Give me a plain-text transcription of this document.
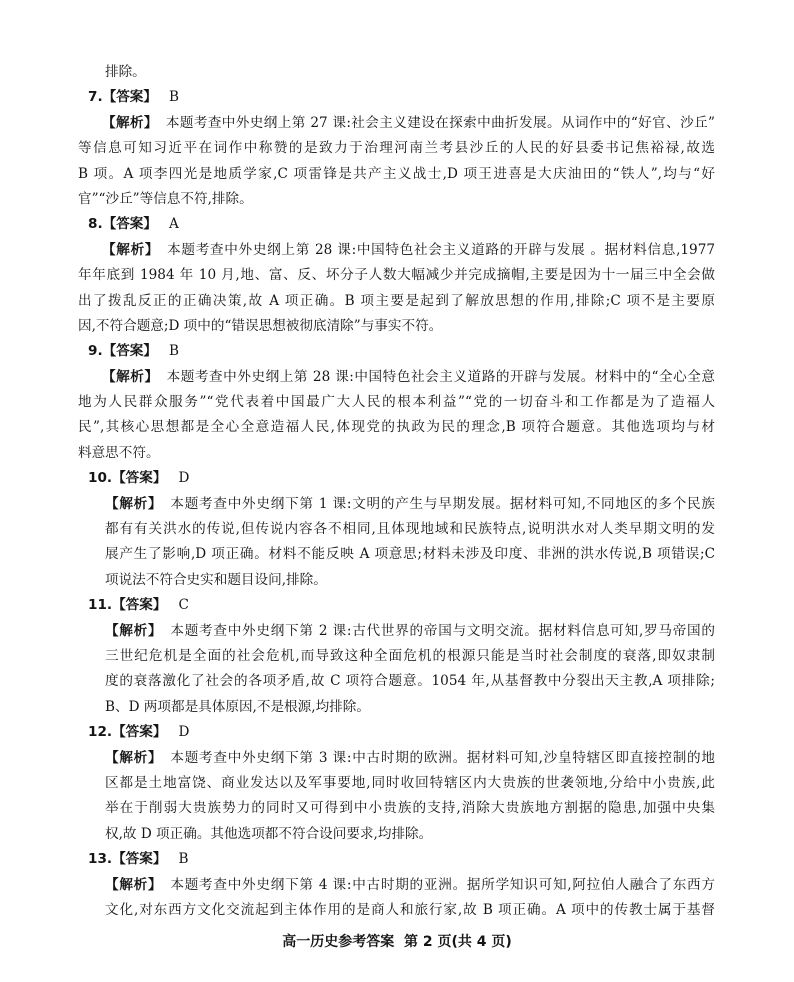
排除。
7.【答案】 B
【解析】 本题考查中外史纲上第 27 课:社会主义建设在探索中曲折发展。从词作中的“好官、沙丘”
等信息可知习近平在词作中称赞的是致力于治理河南兰考县沙丘的人民的好县委书记焦裕禄,故选
B 项。A 项李四光是地质学家,C 项雷锋是共产主义战士,D 项王进喜是大庆油田的“铁人”,均与“好
官”“沙丘”等信息不符,排除。
8.【答案】 A
【解析】 本题考查中外史纲上第 28 课:中国特色社会主义道路的开辟与发展 。据材料信息,1977
年年底到 1984 年 10 月,地、富、反、坏分子人数大幅减少并完成摘帽,主要是因为十一届三中全会做
出了拨乱反正的正确决策,故 A 项正确。B 项主要是起到了解放思想的作用,排除;C 项不是主要原
因,不符合题意;D 项中的“错误思想被彻底清除”与事实不符。
9.【答案】 B
【解析】 本题考查中外史纲上第 28 课:中国特色社会主义道路的开辟与发展。材料中的“全心全意
地为人民群众服务”“党代表着中国最广大人民的根本利益”“党的一切奋斗和工作都是为了造福人
民”,其核心思想都是全心全意造福人民,体现党的执政为民的理念,B 项符合题意。其他选项均与材
料意思不符。
10.【答案】 D
【解析】 本题考查中外史纲下第 1 课:文明的产生与早期发展。据材料可知,不同地区的多个民族
都有有关洪水的传说,但传说内容各不相同,且体现地域和民族特点,说明洪水对人类早期文明的发
展产生了影响,D 项正确。材料不能反映 A 项意思;材料未涉及印度、非洲的洪水传说,B 项错误;C
项说法不符合史实和题目设问,排除。
11.【答案】 C
【解析】 本题考查中外史纲下第 2 课:古代世界的帝国与文明交流。据材料信息可知,罗马帝国的
三世纪危机是全面的社会危机,而导致这种全面危机的根源只能是当时社会制度的衰落,即奴隶制
度的衰落激化了社会的各项矛盾,故 C 项符合题意。1054 年,从基督教中分裂出天主教,A 项排除;
B、D 两项都是具体原因,不是根源,均排除。
12.【答案】 D
【解析】 本题考查中外史纲下第 3 课:中古时期的欧洲。据材料可知,沙皇特辖区即直接控制的地
区都是土地富饶、商业发达以及军事要地,同时收回特辖区内大贵族的世袭领地,分给中小贵族,此
举在于削弱大贵族势力的同时又可得到中小贵族的支持,消除大贵族地方割据的隐患,加强中央集
权,故 D 项正确。其他选项都不符合设问要求,均排除。
13.【答案】 B
【解析】 本题考查中外史纲下第 4 课:中古时期的亚洲。据所学知识可知,阿拉伯人融合了东西方
文化,对东西方文化交流起到主体作用的是商人和旅行家,故 B 项正确。A 项中的传教士属于基督
高一历史参考答案  第 2 页(共 4 页)
